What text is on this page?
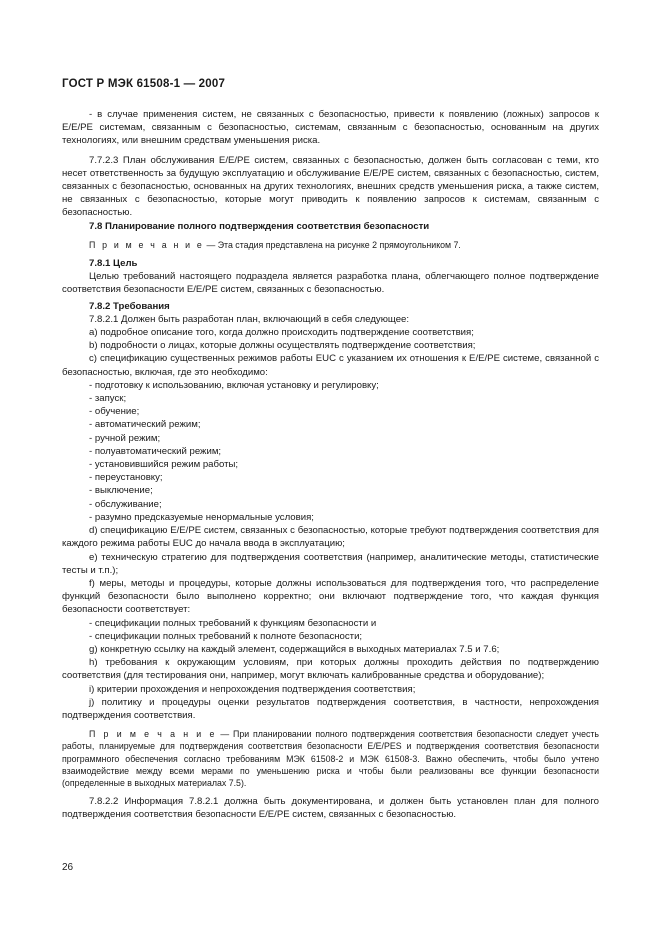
ГОСТ Р МЭК 61508-1 — 2007

- в случае применения систем, не связанных с безопасностью, привести к появлению (ложных) запросов к E/E/PE системам, связанным с безопасностью, системам, связанным с безопасностью, основанным на других технологиях, или внешним средствам уменьшения риска.

7.7.2.3 План обслуживания E/E/PE систем, связанных с безопасностью, должен быть согласован с теми, кто несет ответственность за будущую эксплуатацию и обслуживание E/E/PE систем, связанных с безопасностью, систем, связанных с безопасностью, основанных на других технологиях, внешних средств уменьшения риска, а также систем, не связанных с безопасностью, которые могут приводить к появлению запросов к системам, связанным с безопасностью.

7.8 Планирование полного подтверждения соответствия безопасности

П р и м е ч а н и е — Эта стадия представлена на рисунке 2 прямоугольником 7.

7.8.1 Цель

Целью требований настоящего подраздела является разработка плана, облегчающего полное подтверждение соответствия безопасности E/E/PE систем, связанных с безопасностью.

7.8.2 Требования

7.8.2.1 Должен быть разработан план, включающий в себя следующее:

a) подробное описание того, когда должно происходить подтверждение соответствия;

b) подробности о лицах, которые должны осуществлять подтверждение соответствия;

c) спецификацию существенных режимов работы EUC с указанием их отношения к E/E/PE системе, связанной с безопасностью, включая, где это необходимо:

- подготовку к использованию, включая установку и регулировку;

- запуск;

- обучение;

- автоматический режим;

- ручной режим;

- полуавтоматический режим;

- установившийся режим работы;

- переустановку;

- выключение;

- обслуживание;

- разумно предсказуемые ненормальные условия;

d) спецификацию E/E/PE систем, связанных с безопасностью, которые требуют подтверждения соответствия для каждого режима работы EUC до начала ввода в эксплуатацию;

e) техническую стратегию для подтверждения соответствия (например, аналитические методы, статистические тесты и т.п.);

f) меры, методы и процедуры, которые должны использоваться для подтверждения того, что распределение функций безопасности было выполнено корректно; они включают подтверждение того, что каждая функция безопасности соответствует:

- спецификации полных требований к функциям безопасности и

- спецификации полных требований к полноте безопасности;

g) конкретную ссылку на каждый элемент, содержащийся в выходных материалах 7.5 и 7.6;

h) требования к окружающим условиям, при которых должны проходить действия по подтверждению соответствия (для тестирования они, например, могут включать калиброванные средства и оборудование);

i) критерии прохождения и непрохождения подтверждения соответствия;

j) политику и процедуры оценки результатов подтверждения соответствия, в частности, непрохождения подтверждения соответствия.

П р и м е ч а н и е — При планировании полного подтверждения соответствия безопасности следует учесть работы, планируемые для подтверждения соответствия безопасности E/E/PES и подтверждения соответствия безопасности программного обеспечения согласно требованиям МЭК 61508-2 и МЭК 61508-3. Важно обеспечить, чтобы было учтено взаимодействие между всеми мерами по уменьшению риска и чтобы были реализованы все функции безопасности (определенные в выходных материалах 7.5).

7.8.2.2 Информация 7.8.2.1 должна быть документирована, и должен быть установлен план для полного подтверждения соответствия безопасности E/E/PE систем, связанных с безопасностью.

26
